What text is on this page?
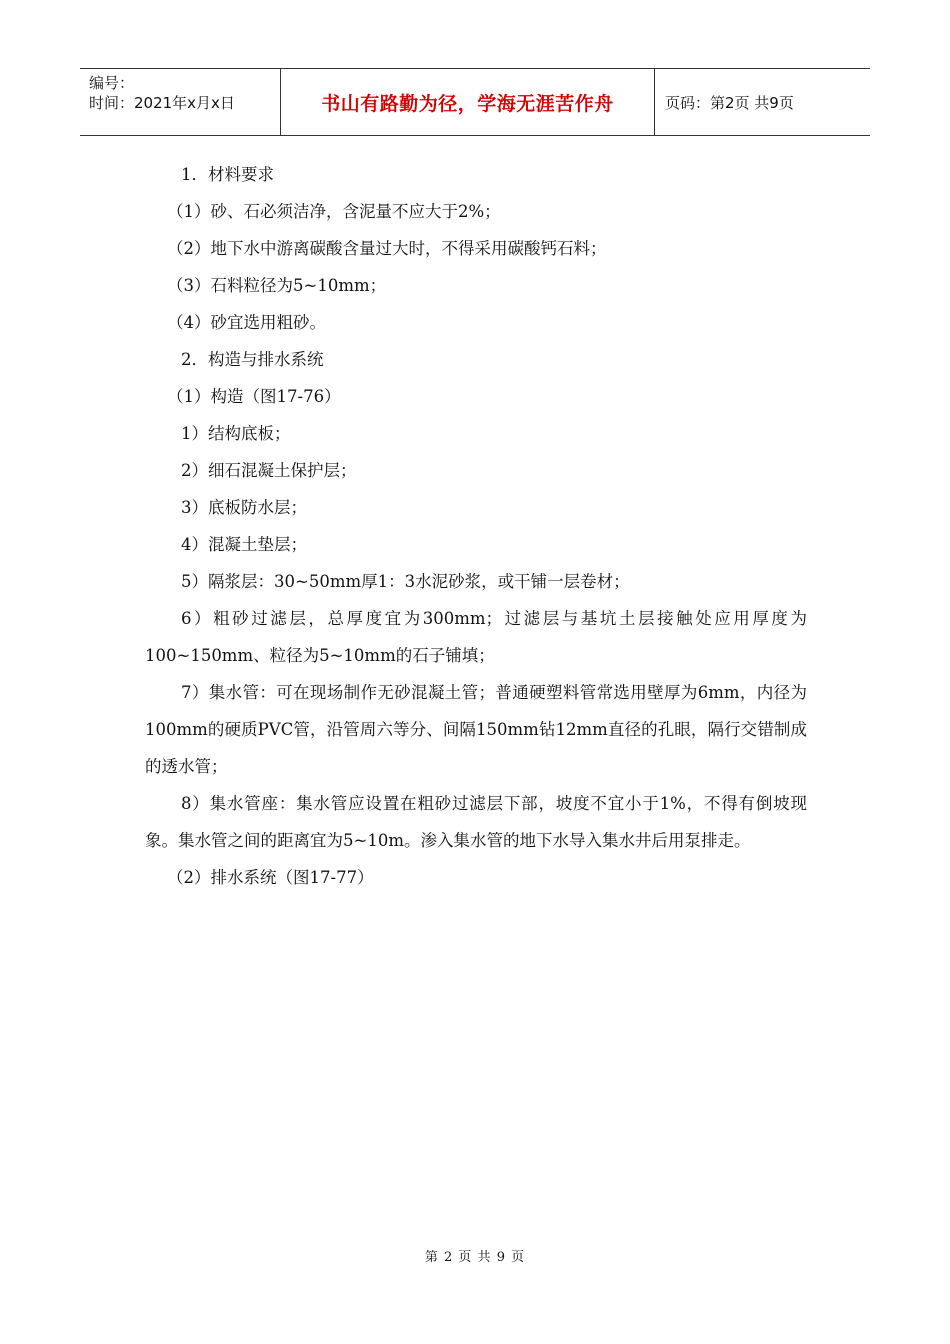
编号：
时间：2021年x月x日	书山有路勤为径，学海无涯苦作舟	页码：第2页 共9页
1．材料要求
（1）砂、石必须洁净，含泥量不应大于2%；
（2）地下水中游离碳酸含量过大时，不得采用碳酸钙石料；
（3）石料粒径为5~10mm；
（4）砂宜选用粗砂。
2．构造与排水系统
（1）构造（图17-76）
1）结构底板；
2）细石混凝土保护层；
3）底板防水层；
4）混凝土垫层；
5）隔浆层：30~50mm厚1：3水泥砂浆，或干铺一层卷材；
6）粗砂过滤层，总厚度宜为300mm；过滤层与基坑土层接触处应用厚度为100~150mm、粒径为5~10mm的石子铺填；
7）集水管：可在现场制作无砂混凝土管；普通硬塑料管常选用壁厚为6mm，内径为100mm的硬质PVC管，沿管周六等分、间隔150mm钻12mm直径的孔眼，隔行交错制成的透水管；
8）集水管座：集水管应设置在粗砂过滤层下部，坡度不宜小于1%，不得有倒坡现象。集水管之间的距离宜为5~10m。渗入集水管的地下水导入集水井后用泵排走。
（2）排水系统（图17-77）
第 2 页 共 9 页
